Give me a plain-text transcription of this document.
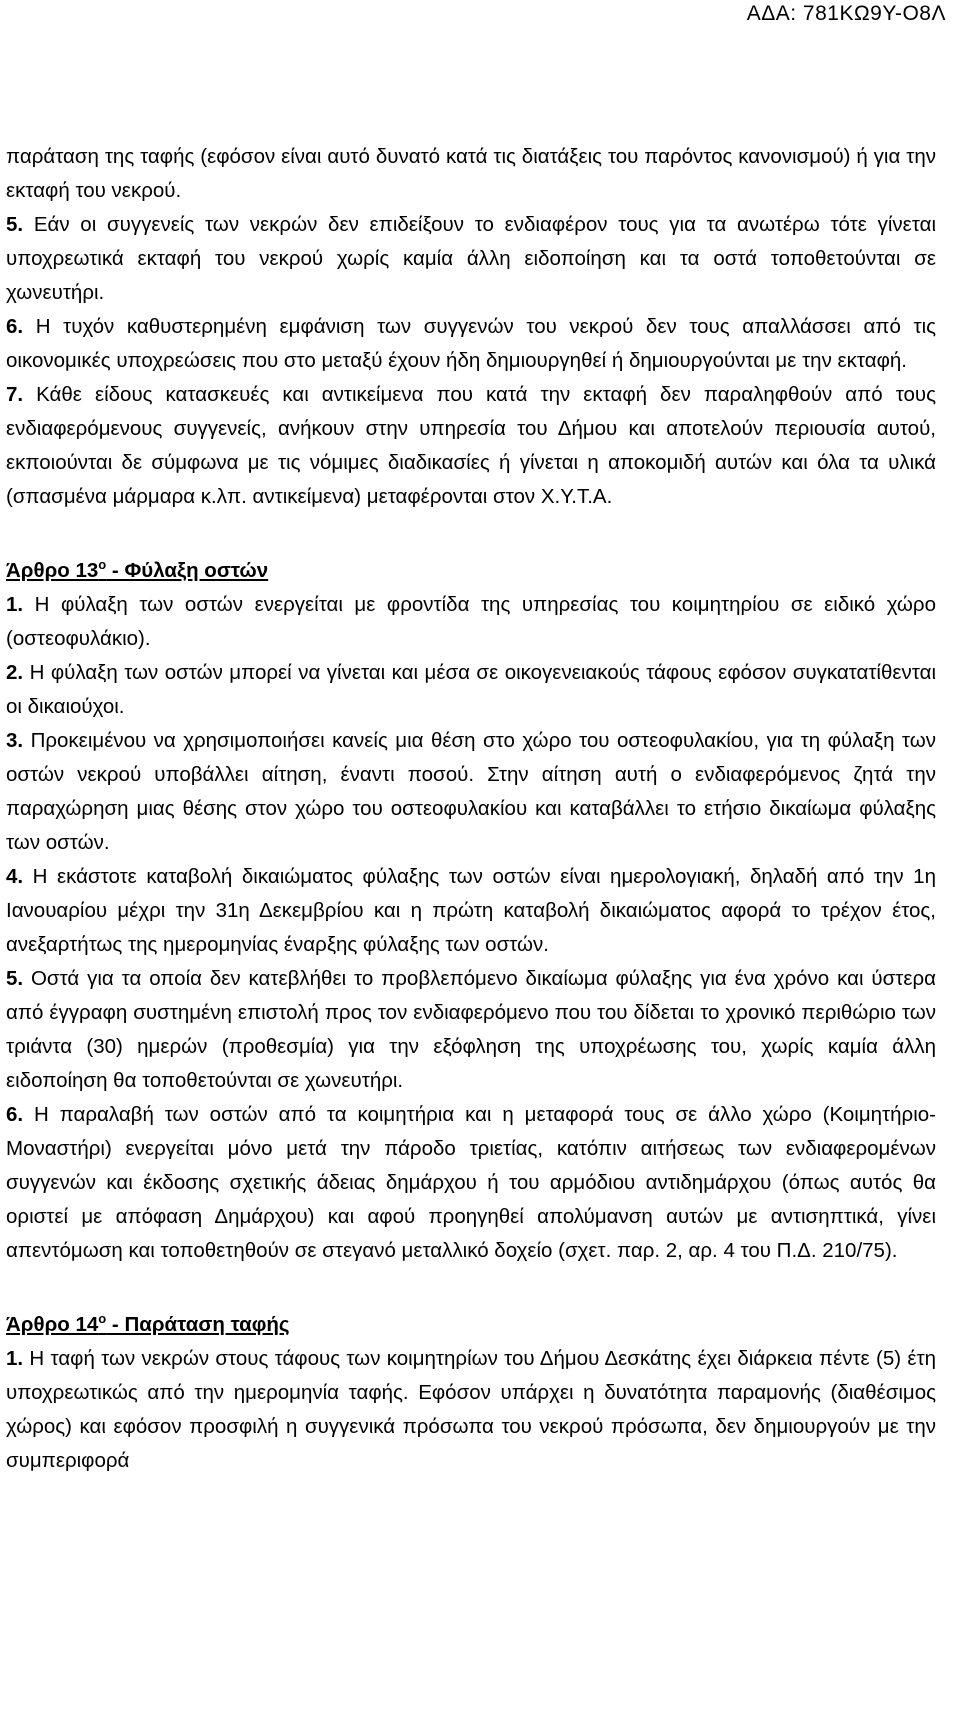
ΑΔΑ: 781ΚΩ9Υ-Ο8Λ

παράταση της ταφής (εφόσον είναι αυτό δυνατό κατά τις διατάξεις του παρόντος κανονισμού) ή για την εκταφή του νεκρού.

5. Εάν οι συγγενείς των νεκρών δεν επιδείξουν το ενδιαφέρον τους για τα ανωτέρω τότε γίνεται υποχρεωτικά εκταφή του νεκρού χωρίς καμία άλλη ειδοποίηση και τα οστά τοποθετούνται σε χωνευτήρι.

6. Η τυχόν καθυστερημένη εμφάνιση των συγγενών του νεκρού δεν τους απαλλάσσει από τις οικονομικές υποχρεώσεις που στο μεταξύ έχουν ήδη δημιουργηθεί ή δημιουργούνται με την εκταφή.

7. Κάθε είδους κατασκευές και αντικείμενα που κατά την εκταφή δεν παραληφθούν από τους ενδιαφερόμενους συγγενείς, ανήκουν στην υπηρεσία του Δήμου και αποτελούν περιουσία αυτού, εκποιούνται δε σύμφωνα με τις νόμιμες διαδικασίες ή γίνεται η αποκομιδή αυτών και όλα τα υλικά (σπασμένα μάρμαρα κ.λπ. αντικείμενα) μεταφέρονται στον Χ.Υ.Τ.Α.

Άρθρο $13^o$ - Φύλαξη οστών

1. Η φύλαξη των οστών ενεργείται με φροντίδα της υπηρεσίας του κοιμητηρίου σε ειδικό χώρο (οστεοφυλάκιο).

2. Η φύλαξη των οστών μπορεί να γίνεται και μέσα σε οικογενειακούς τάφους εφόσον συγκατατίθενται οι δικαιούχοι.

3. Προκειμένου να χρησιμοποιήσει κανείς μια θέση στο χώρο του οστεοφυλακίου, για τη φύλαξη των οστών νεκρού υποβάλλει αίτηση, έναντι ποσού. Στην αίτηση αυτή ο ενδιαφερόμενος ζητά την παραχώρηση μιας θέσης στον χώρο του οστεοφυλακίου και καταβάλλει το ετήσιο δικαίωμα φύλαξης των οστών.

4. Η εκάστοτε καταβολή δικαιώματος φύλαξης των οστών είναι ημερολογιακή, δηλαδή από την 1η Ιανουαρίου μέχρι την 31η Δεκεμβρίου και η πρώτη καταβολή δικαιώματος αφορά το τρέχον έτος, ανεξαρτήτως της ημερομηνίας έναρξης φύλαξης των οστών.

5. Οστά για τα οποία δεν κατεβλήθει το προβλεπόμενο δικαίωμα φύλαξης για ένα χρόνο και ύστερα από έγγραφη συστημένη επιστολή προς τον ενδιαφερόμενο που του δίδεται το χρονικό περιθώριο των τριάντα (30) ημερών (προθεσμία) για την εξόφληση της υποχρέωσης του, χωρίς καμία άλλη ειδοποίηση θα τοποθετούνται σε χωνευτήρι.

6. Η παραλαβή των οστών από τα κοιμητήρια και η μεταφορά τους σε άλλο χώρο (Κοιμητήριο-Μοναστήρι) ενεργείται μόνο μετά την πάροδο τριετίας, κατόπιν αιτήσεως των ενδιαφερομένων συγγενών και έκδοσης σχετικής άδειας δημάρχου ή του αρμόδιου αντιδημάρχου (όπως αυτός θα οριστεί με απόφαση Δημάρχου) και αφού προηγηθεί απολύμανση αυτών με αντισηπτικά, γίνει απεντόμωση και τοποθετηθούν σε στεγανό μεταλλικό δοχείο (σχετ. παρ. 2, αρ. 4 του Π.Δ. 210/75).

Άρθρο $14^o$ - Παράταση ταφής

1. Η ταφή των νεκρών στους τάφους των κοιμητηρίων του Δήμου Δεσκάτης έχει διάρκεια πέντε (5) έτη υποχρεωτικώς από την ημερομηνία ταφής. Εφόσον υπάρχει η δυνατότητα παραμονής (διαθέσιμος χώρος) και εφόσον προσφιλή η συγγενικά πρόσωπα του νεκρού πρόσωπα, δεν δημιουργούν με την συμπεριφορά
